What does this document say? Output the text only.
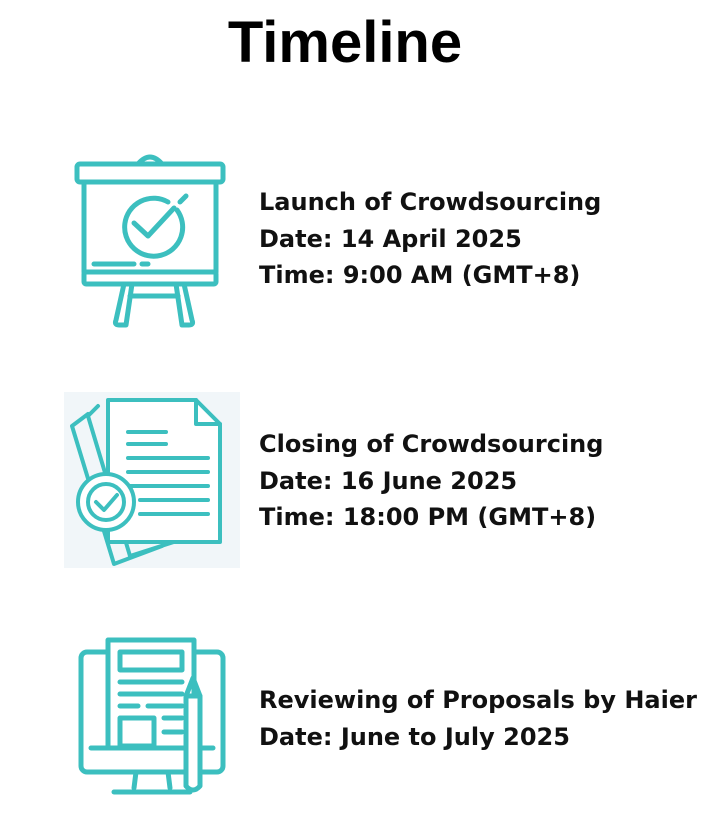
Timeline
Launch of Crowdsourcing
Date: 14 April 2025
Time: 9:00 AM (GMT+8)
Closing of Crowdsourcing
Date: 16 June 2025
Time: 18:00 PM (GMT+8)
Reviewing of Proposals by Haier
Date: June to July 2025
